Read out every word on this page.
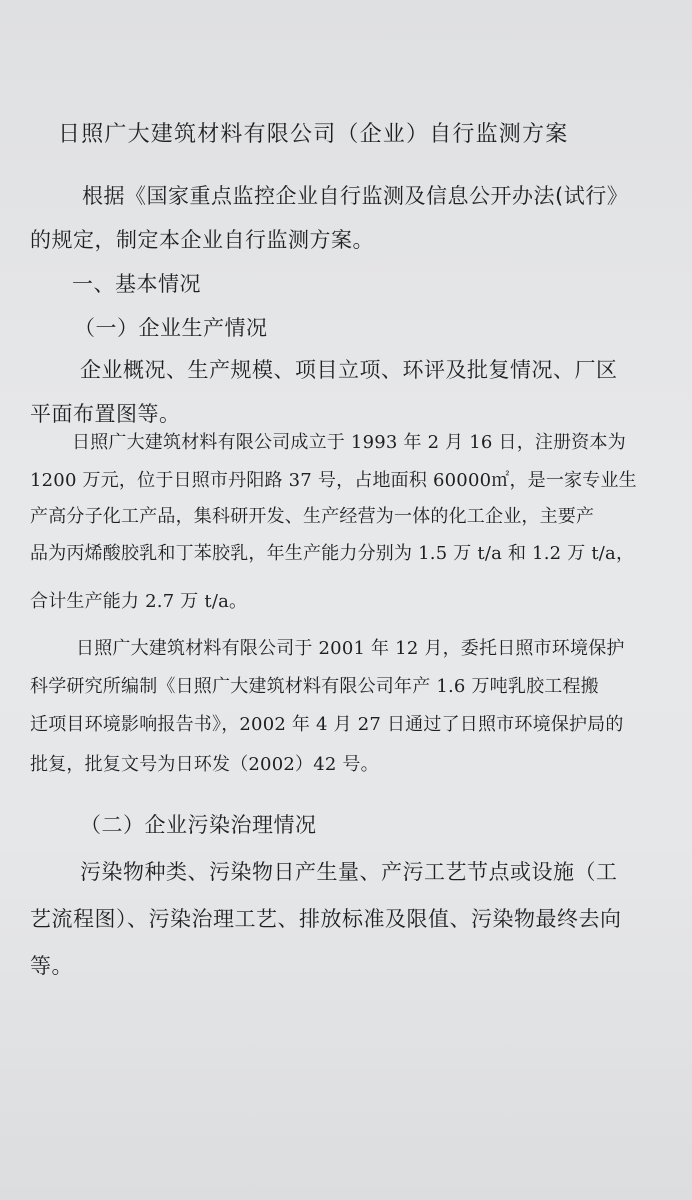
日照广大建筑材料有限公司（企业）自行监测方案
根据《国家重点监控企业自行监测及信息公开办法(试行》
的规定，制定本企业自行监测方案。
一、基本情况
（一）企业生产情况
企业概况、生产规模、项目立项、环评及批复情况、厂区
平面布置图等。
日照广大建筑材料有限公司成立于 1993 年 2 月 16 日，注册资本为
1200 万元，位于日照市丹阳路 37 号，占地面积 60000㎡，是一家专业生
产高分子化工产品，集科研开发、生产经营为一体的化工企业，主要产
品为丙烯酸胶乳和丁苯胶乳，年生产能力分别为 1.5 万 t/a 和 1.2 万 t/a，
合计生产能力 2.7 万 t/a。
日照广大建筑材料有限公司于 2001 年 12 月，委托日照市环境保护
科学研究所编制《日照广大建筑材料有限公司年产 1.6 万吨乳胶工程搬
迁项目环境影响报告书》，2002 年 4 月 27 日通过了日照市环境保护局的
批复，批复文号为日环发（2002）42 号。
（二）企业污染治理情况
污染物种类、污染物日产生量、产污工艺节点或设施（工
艺流程图）、污染治理工艺、排放标准及限值、污染物最终去向
等。
